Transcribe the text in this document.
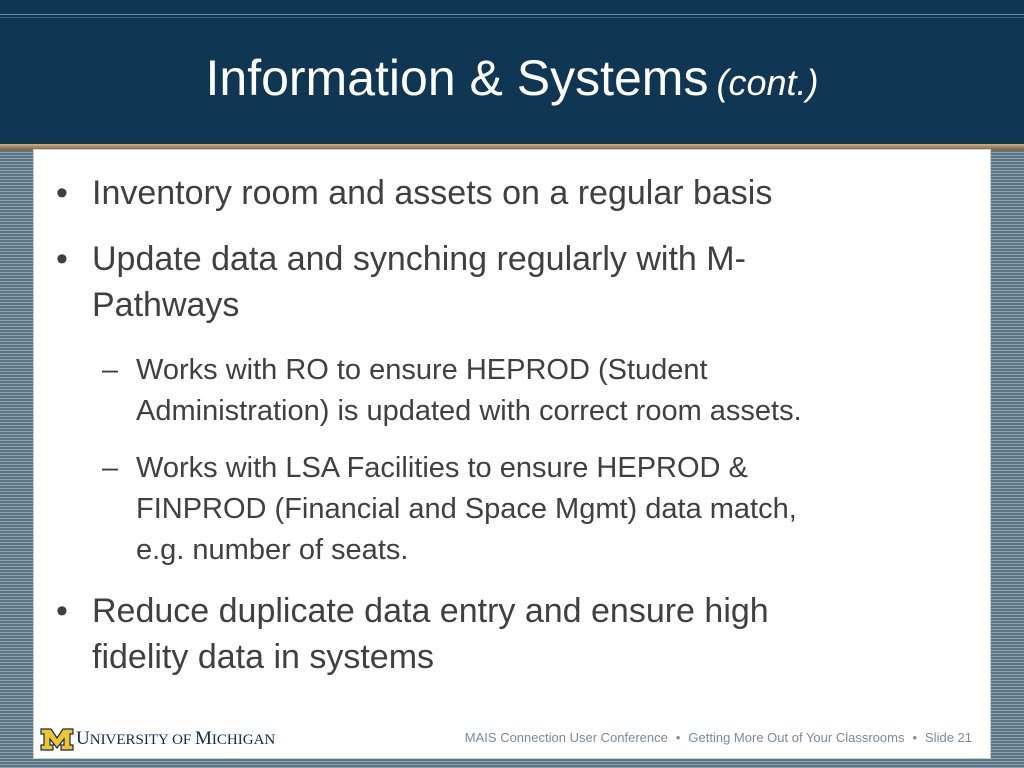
Information & Systems (cont.)
• Inventory room and assets on a regular basis
• Update data and synching regularly with M-
Pathways
– Works with RO to ensure HEPROD (Student
Administration) is updated with correct room assets.
– Works with LSA Facilities to ensure HEPROD &
FINPROD (Financial and Space Mgmt) data match,
e.g. number of seats.
• Reduce duplicate data entry and ensure high
fidelity data in systems
UNIVERSITY OF MICHIGAN	MAIS Connection User Conference • Getting More Out of Your Classrooms • Slide 21
